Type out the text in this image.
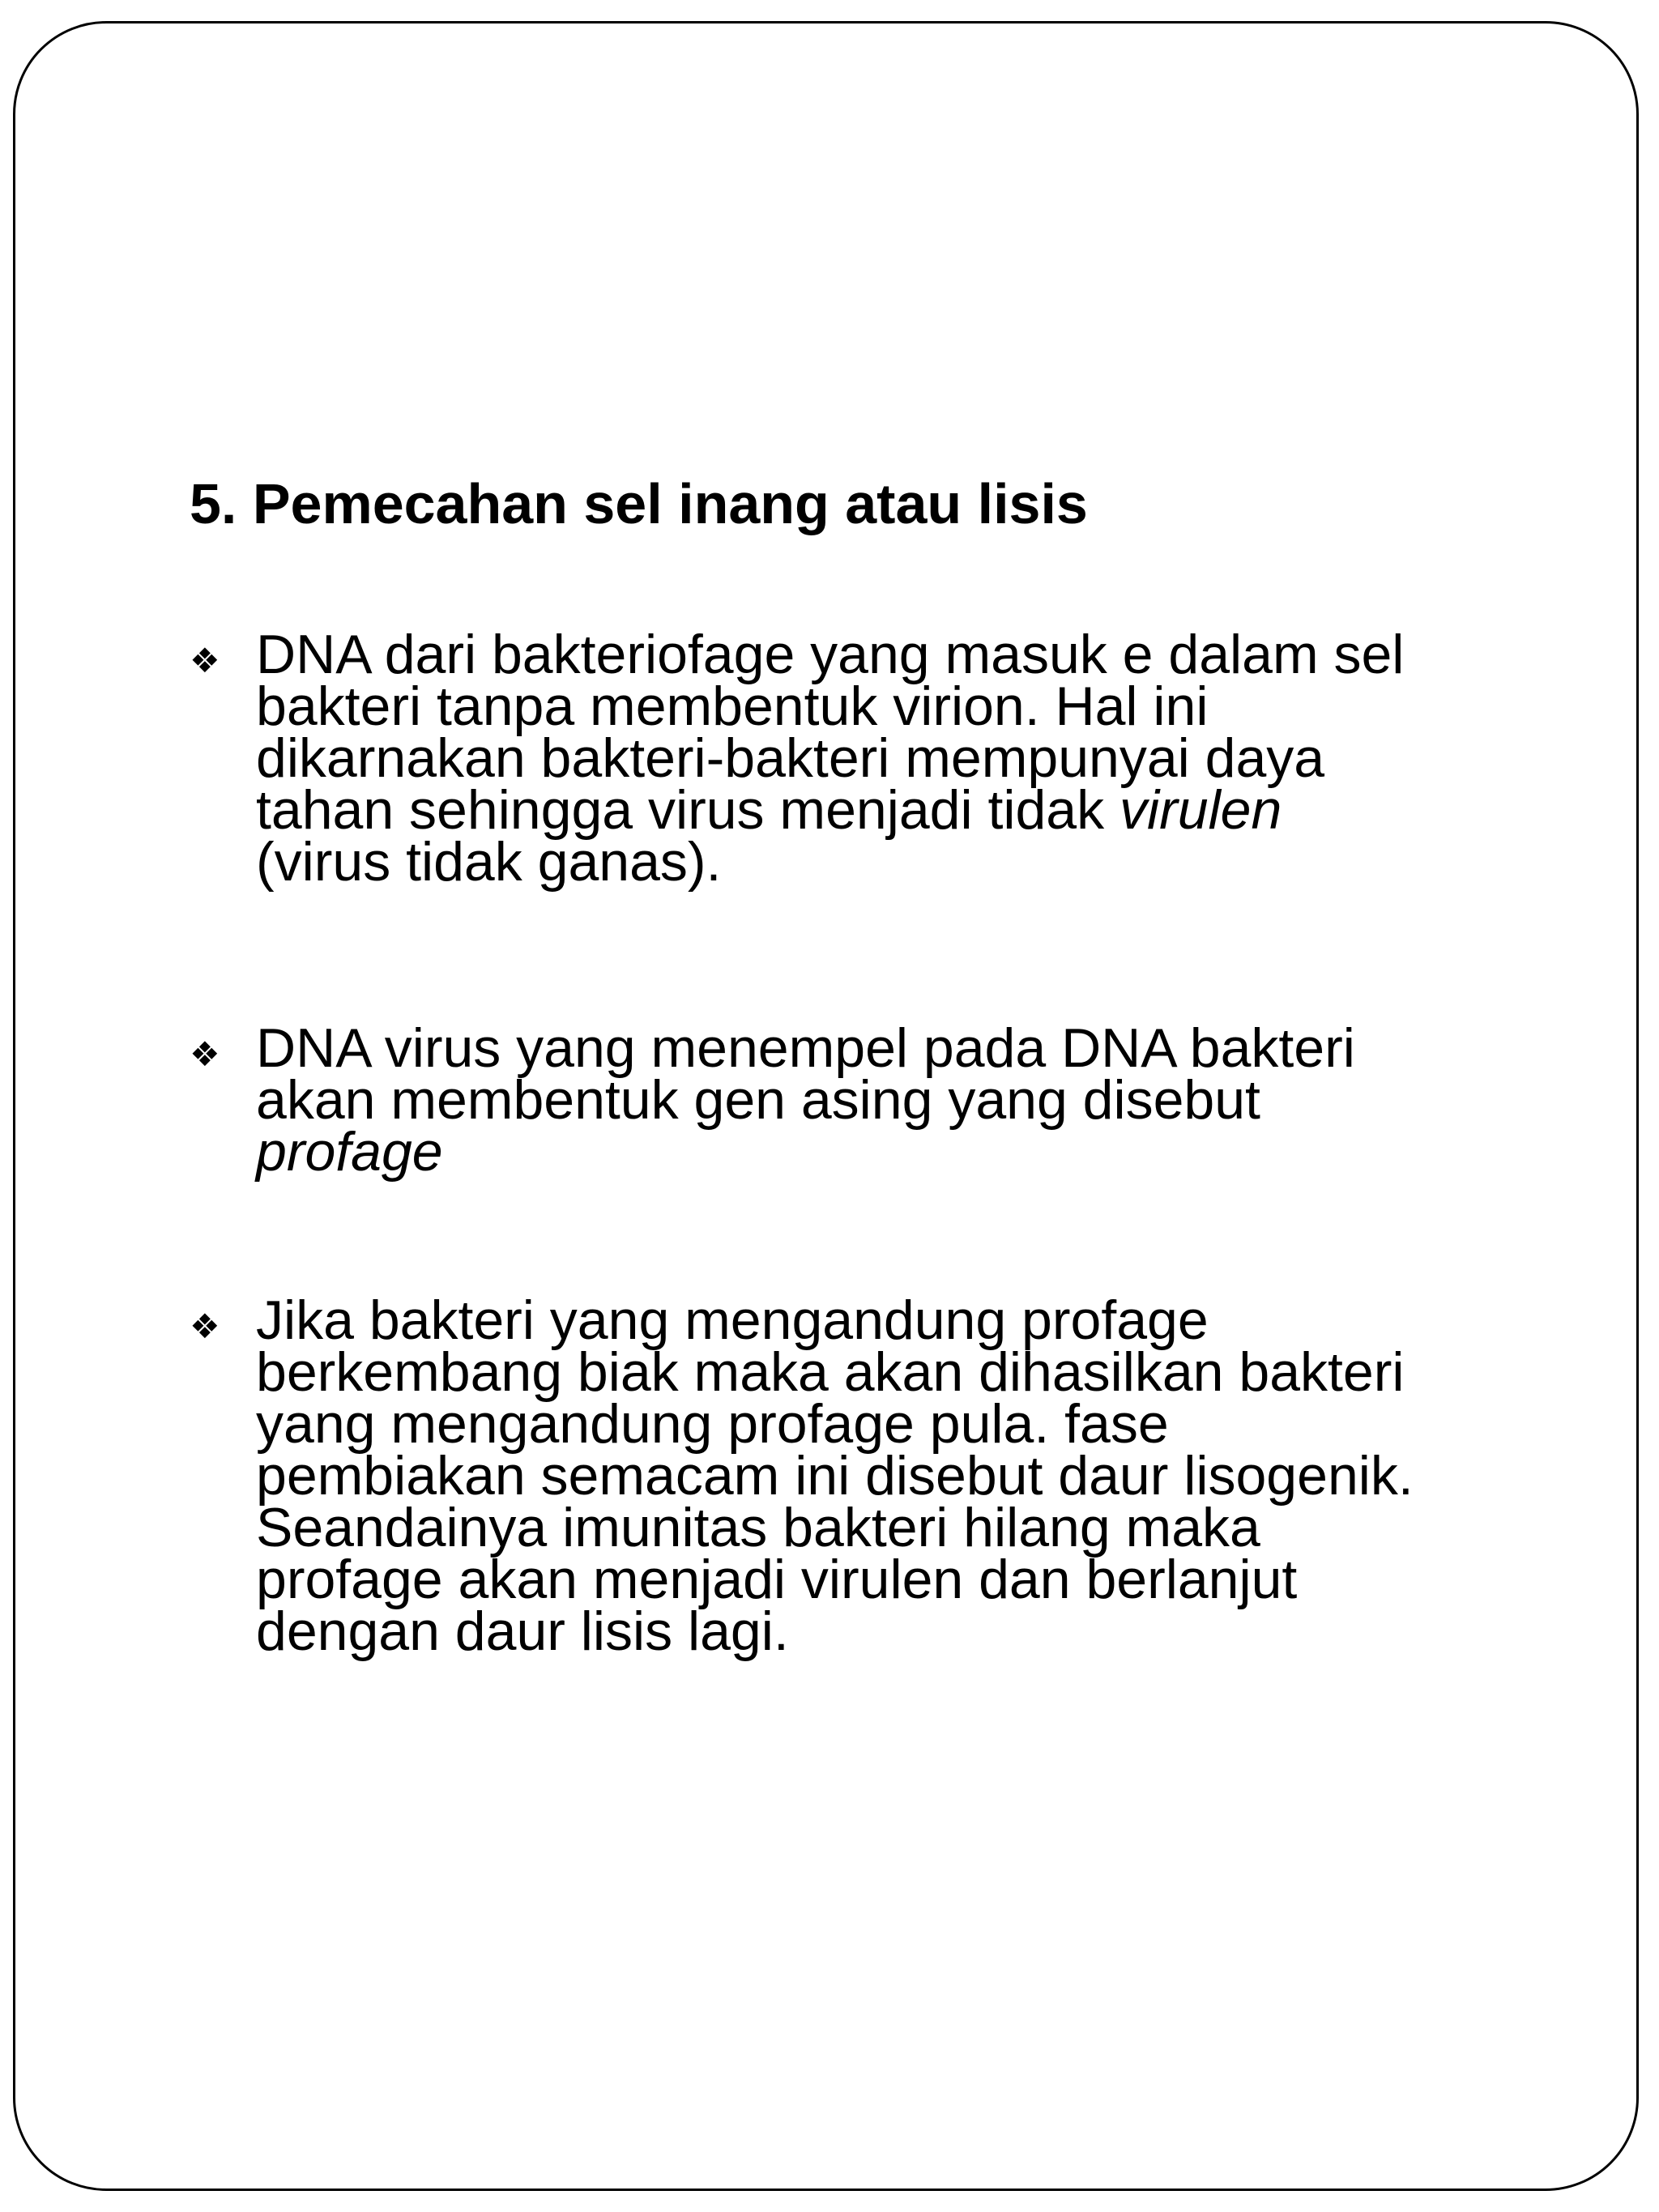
5. Pemecahan sel inang atau lisis
❖ DNA dari bakteriofage yang masuk e dalam sel
bakteri tanpa membentuk virion. Hal ini
dikarnakan bakteri-bakteri mempunyai daya
tahan sehingga virus menjadi tidak virulen
(virus tidak ganas).
❖ DNA virus yang menempel pada DNA bakteri
akan membentuk gen asing yang disebut
profage
❖ Jika bakteri yang mengandung profage
berkembang biak maka akan dihasilkan bakteri
yang mengandung profage pula. fase
pembiakan semacam ini disebut daur lisogenik.
Seandainya imunitas bakteri hilang maka
profage akan menjadi virulen dan berlanjut
dengan daur lisis lagi.
